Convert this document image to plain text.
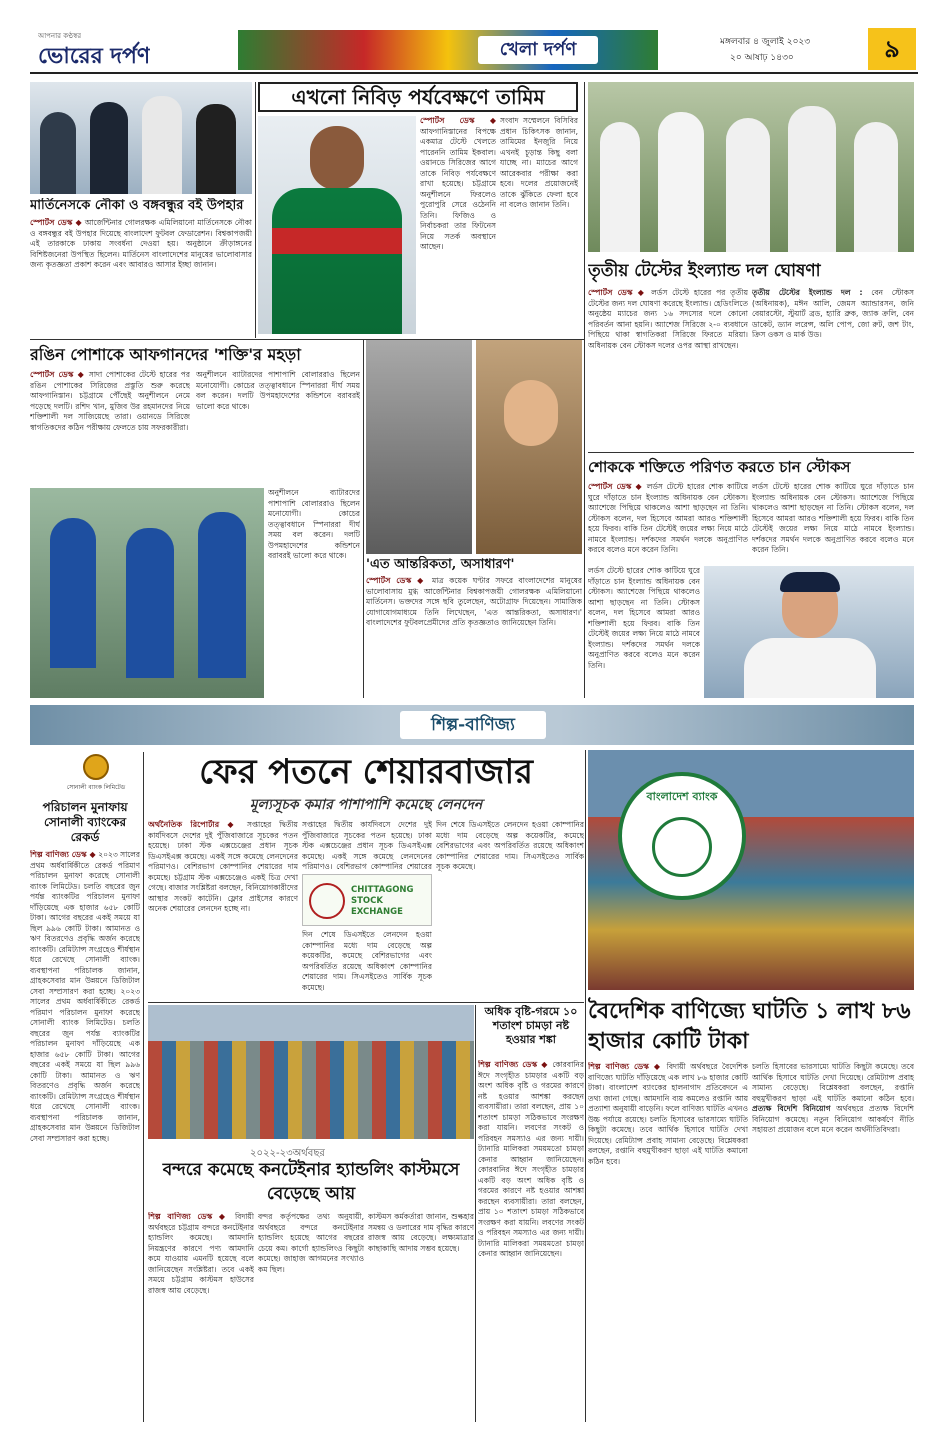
আপনার কণ্ঠস্বর
ভোরের দর্পণ	খেলা দর্পণ	মঙ্গলবার ৪ জুলাই ২০২৩
২০ আষাঢ় ১৪৩০	৯
মার্তিনেসকে নৌকা ও বঙ্গবন্ধুর বই উপহার
স্পোর্টস ডেস্ক ◆ আর্জেন্টিনার গোলরক্ষক এমিলিয়ানো মার্তিনেসকে নৌকা ও বঙ্গবন্ধুর বই উপহার দিয়েছে বাংলাদেশ ফুটবল ফেডারেশন। বিশ্বকাপজয়ী এই তারকাকে ঢাকায় সংবর্ধনা দেওয়া হয়। অনুষ্ঠানে ক্রীড়াঙ্গনের বিশিষ্টজনেরা উপস্থিত ছিলেন। মার্তিনেস বাংলাদেশের মানুষের ভালোবাসার জন্য কৃতজ্ঞতা প্রকাশ করেন এবং আবারও আসার ইচ্ছা জানান।
এখনো নিবিড় পর্যবেক্ষণে তামিম
স্পোর্টস ডেস্ক ◆ আফগানিস্তানের বিপক্ষে একমাত্র টেস্টে খেলতে পারেননি তামিম ইকবাল। ওয়ানডে সিরিজের আগে তাকে নিবিড় পর্যবেক্ষণে রাখা হয়েছে। চট্টগ্রামে অনুশীলনে ফিরলেও পুরোপুরি সেরে ওঠেননি তিনি। ফিজিও ও নির্বাচকরা তার ফিটনেস নিয়ে সতর্ক অবস্থানে আছেন।
সংবাদ সম্মেলনে বিসিবির প্রধান চিকিৎসক জানান, তামিমের ইনজুরি নিয়ে এখনই চূড়ান্ত কিছু বলা যাচ্ছে না। ম্যাচের আগে আরেকবার পরীক্ষা করা হবে। দলের প্রয়োজনেই তাকে ঝুঁকিতে ফেলা হবে না বলেও জানান তিনি।
তৃতীয় টেস্টের ইংল্যান্ড দল ঘোষণা
স্পোর্টস ডেস্ক ◆ লর্ডস টেস্টে হারের পর তৃতীয় টেস্টের জন্য দল ঘোষণা করেছে ইংল্যান্ড। হেডিংলিতে অনুষ্ঠেয় ম্যাচের জন্য ১৬ সদস্যের দলে কোনো পরিবর্তন আনা হয়নি। অ্যাশেজ সিরিজে ২-০ ব্যবধানে পিছিয়ে থাকা স্বাগতিকরা সিরিজে ফিরতে মরিয়া। অধিনায়ক বেন স্টোকস দলের ওপর আস্থা রাখছেন।
তৃতীয় টেস্টের ইংল্যান্ড দল : বেন স্টোকস (অধিনায়ক), মঈন আলি, জেমস অ্যান্ডারসন, জনি বেয়ারস্টো, স্টুয়ার্ট ব্রড, হ্যারি ব্রুক, জ্যাক ক্রলি, বেন ডাকেট, ড্যান লরেন্স, অলি পোপ, জো রুট, জশ টাং, ক্রিস ওকস ও মার্ক উড।
রঙিন পোশাকে আফগানদের 'শক্তি'র মহড়া
স্পোর্টস ডেস্ক ◆ সাদা পোশাকের টেস্টে হারের পর রঙিন পোশাকের সিরিজের প্রস্তুতি শুরু করেছে আফগানিস্তান। চট্টগ্রামে পৌঁছেই অনুশীলনে নেমে পড়েছে দলটি। রশিদ খান, মুজিব উর রহমানদের নিয়ে শক্তিশালী দল সাজিয়েছে তারা। ওয়ানডে সিরিজে স্বাগতিকদের কঠিন পরীক্ষায় ফেলতে চায় সফরকারীরা।
অনুশীলনে ব্যাটারদের পাশাপাশি বোলাররাও ছিলেন মনোযোগী। কোচের তত্ত্বাবধানে স্পিনাররা দীর্ঘ সময় বল করেন। দলটি উপমহাদেশের কন্ডিশনে বরাবরই ভালো করে থাকে।
অনুশীলনে ব্যাটারদের পাশাপাশি বোলাররাও ছিলেন মনোযোগী। কোচের তত্ত্বাবধানে স্পিনাররা দীর্ঘ সময় বল করেন। দলটি উপমহাদেশের কন্ডিশনে বরাবরই ভালো করে থাকে।
'এত আন্তরিকতা, অসাধারণ'
স্পোর্টস ডেস্ক ◆ মাত্র কয়েক ঘণ্টার সফরে বাংলাদেশের মানুষের ভালোবাসায় মুগ্ধ আর্জেন্টিনার বিশ্বকাপজয়ী গোলরক্ষক এমিলিয়ানো মার্তিনেস। ভক্তদের সঙ্গে ছবি তুলেছেন, অটোগ্রাফ দিয়েছেন। সামাজিক যোগাযোগমাধ্যমে তিনি লিখেছেন, 'এত আন্তরিকতা, অসাধারণ।' বাংলাদেশের ফুটবলপ্রেমীদের প্রতি কৃতজ্ঞতাও জানিয়েছেন তিনি।
শোককে শক্তিতে পরিণত করতে চান স্টোকস
স্পোর্টস ডেস্ক ◆ লর্ডস টেস্টে হারের শোক কাটিয়ে ঘুরে দাঁড়াতে চান ইংল্যান্ড অধিনায়ক বেন স্টোকস। অ্যাশেজে পিছিয়ে থাকলেও আশা ছাড়ছেন না তিনি। স্টোকস বলেন, দল হিসেবে আমরা আরও শক্তিশালী হয়ে ফিরব। বাকি তিন টেস্টেই জয়ের লক্ষ্য নিয়ে মাঠে নামবে ইংল্যান্ড। দর্শকদের সমর্থন দলকে অনুপ্রাণিত করবে বলেও মনে করেন তিনি।
লর্ডস টেস্টে হারের শোক কাটিয়ে ঘুরে দাঁড়াতে চান ইংল্যান্ড অধিনায়ক বেন স্টোকস। অ্যাশেজে পিছিয়ে থাকলেও আশা ছাড়ছেন না তিনি। স্টোকস বলেন, দল হিসেবে আমরা আরও শক্তিশালী হয়ে ফিরব। বাকি তিন টেস্টেই জয়ের লক্ষ্য নিয়ে মাঠে নামবে ইংল্যান্ড। দর্শকদের সমর্থন দলকে অনুপ্রাণিত করবে বলেও মনে করেন তিনি।
লর্ডস টেস্টে হারের শোক কাটিয়ে ঘুরে দাঁড়াতে চান ইংল্যান্ড অধিনায়ক বেন স্টোকস। অ্যাশেজে পিছিয়ে থাকলেও আশা ছাড়ছেন না তিনি। স্টোকস বলেন, দল হিসেবে আমরা আরও শক্তিশালী হয়ে ফিরব। বাকি তিন টেস্টেই জয়ের লক্ষ্য নিয়ে মাঠে নামবে ইংল্যান্ড। দর্শকদের সমর্থন দলকে অনুপ্রাণিত করবে বলেও মনে করেন তিনি।
শিল্প-বাণিজ্য
সোনালী ব্যাংক লিমিটেড
পরিচালন মুনাফায় সোনালী ব্যাংকের রেকর্ড
শিল্প বাণিজ্য ডেস্ক ◆ ২০২৩ সালের প্রথম অর্ধবার্ষিকীতে রেকর্ড পরিমাণ পরিচালন মুনাফা করেছে সোনালী ব্যাংক লিমিটেড। চলতি বছরের জুন পর্যন্ত ব্যাংকটির পরিচালন মুনাফা দাঁড়িয়েছে এক হাজার ৬৫৮ কোটি টাকা। আগের বছরের একই সময়ে যা ছিল ৯৯৬ কোটি টাকা। আমানত ও ঋণ বিতরণেও প্রবৃদ্ধি অর্জন করেছে ব্যাংকটি। রেমিট্যান্স সংগ্রহেও শীর্ষস্থান ধরে রেখেছে সোনালী ব্যাংক। ব্যবস্থাপনা পরিচালক জানান, গ্রাহকসেবার মান উন্নয়নে ডিজিটাল সেবা সম্প্রসারণ করা হচ্ছে। ২০২৩ সালের প্রথম অর্ধবার্ষিকীতে রেকর্ড পরিমাণ পরিচালন মুনাফা করেছে সোনালী ব্যাংক লিমিটেড। চলতি বছরের জুন পর্যন্ত ব্যাংকটির পরিচালন মুনাফা দাঁড়িয়েছে এক হাজার ৬৫৮ কোটি টাকা। আগের বছরের একই সময়ে যা ছিল ৯৯৬ কোটি টাকা। আমানত ও ঋণ বিতরণেও প্রবৃদ্ধি অর্জন করেছে ব্যাংকটি। রেমিট্যান্স সংগ্রহেও শীর্ষস্থান ধরে রেখেছে সোনালী ব্যাংক। ব্যবস্থাপনা পরিচালক জানান, গ্রাহকসেবার মান উন্নয়নে ডিজিটাল সেবা সম্প্রসারণ করা হচ্ছে।
ফের পতনে শেয়ারবাজার
মূল্যসূচক কমার পাশাপাশি কমেছে লেনদেন
অর্থনৈতিক রিপোর্টার ◆ সপ্তাহের দ্বিতীয় কার্যদিবসে দেশের দুই পুঁজিবাজারে সূচকের পতন হয়েছে। ঢাকা স্টক এক্সচেঞ্জের প্রধান সূচক ডিএসইএক্স কমেছে। একই সঙ্গে কমেছে লেনদেনের পরিমাণও। বেশিরভাগ কোম্পানির শেয়ারের দাম কমেছে। চট্টগ্রাম স্টক এক্সচেঞ্জেও একই চিত্র দেখা গেছে। বাজার সংশ্লিষ্টরা বলছেন, বিনিয়োগকারীদের আস্থার সংকট কাটেনি। ফ্লোর প্রাইসের কারণে অনেক শেয়ারের লেনদেন হচ্ছে না।
সপ্তাহের দ্বিতীয় কার্যদিবসে দেশের দুই পুঁজিবাজারে সূচকের পতন হয়েছে। ঢাকা স্টক এক্সচেঞ্জের প্রধান সূচক ডিএসইএক্স কমেছে। একই সঙ্গে কমেছে লেনদেনের পরিমাণও। বেশিরভাগ কোম্পানির শেয়ারের
দিন শেষে ডিএসইতে লেনদেন হওয়া কোম্পানির মধ্যে দাম বেড়েছে অল্প কয়েকটির, কমেছে বেশিরভাগের এবং অপরিবর্তিত রয়েছে অধিকাংশ কোম্পানির শেয়ারের দাম। সিএসইতেও সার্বিক সূচক কমেছে।
CHITTAGONG STOCK EXCHANGE
দিন শেষে ডিএসইতে লেনদেন হওয়া কোম্পানির মধ্যে দাম বেড়েছে অল্প কয়েকটির, কমেছে বেশিরভাগের এবং অপরিবর্তিত রয়েছে অধিকাংশ কোম্পানির শেয়ারের দাম। সিএসইতেও সার্বিক সূচক কমেছে।
বাংলাদেশ ব্যাংক
বৈদেশিক বাণিজ্যে ঘাটতি ১ লাখ ৮৬ হাজার কোটি টাকা
শিল্প বাণিজ্য ডেস্ক ◆ বিদায়ী অর্থবছরে বৈদেশিক বাণিজ্যে ঘাটতি দাঁড়িয়েছে এক লাখ ৮৬ হাজার কোটি টাকা। বাংলাদেশ ব্যাংকের হালনাগাদ প্রতিবেদনে এ তথ্য জানা গেছে। আমদানি ব্যয় কমলেও রপ্তানি আয় প্রত্যাশা অনুযায়ী বাড়েনি। ফলে বাণিজ্য ঘাটতি এখনও উচ্চ পর্যায়ে রয়েছে। চলতি হিসাবের ভারসাম্যে ঘাটতি কিছুটা কমেছে। তবে আর্থিক হিসাবে ঘাটতি দেখা দিয়েছে। রেমিট্যান্স প্রবাহ সামান্য বেড়েছে। বিশ্লেষকরা বলছেন, রপ্তানি বহুমুখীকরণ ছাড়া এই ঘাটতি কমানো কঠিন হবে।
চলতি হিসাবের ভারসাম্যে ঘাটতি কিছুটা কমেছে। তবে আর্থিক হিসাবে ঘাটতি দেখা দিয়েছে। রেমিট্যান্স প্রবাহ সামান্য বেড়েছে। বিশ্লেষকরা বলছেন, রপ্তানি বহুমুখীকরণ ছাড়া এই ঘাটতি কমানো কঠিন হবে। প্রত্যক্ষ বিদেশি বিনিয়োগ অর্থবছরে প্রত্যক্ষ বিদেশি বিনিয়োগ কমেছে। নতুন বিনিয়োগ আকর্ষণে নীতি সহায়তা প্রয়োজন বলে মনে করেন অর্থনীতিবিদরা।
অধিক বৃষ্টি-গরমে ১০ শতাংশ চামড়া নষ্ট হওয়ার শঙ্কা
শিল্প বাণিজ্য ডেস্ক ◆ কোরবানির ঈদে সংগৃহীত চামড়ার একটি বড় অংশ অধিক বৃষ্টি ও গরমের কারণে নষ্ট হওয়ার আশঙ্কা করছেন ব্যবসায়ীরা। তারা বলছেন, প্রায় ১০ শতাংশ চামড়া সঠিকভাবে সংরক্ষণ করা যায়নি। লবণের সংকট ও পরিবহন সমস্যাও এর জন্য দায়ী। ট্যানারি মালিকরা সময়মতো চামড়া কেনার আহ্বান জানিয়েছেন। কোরবানির ঈদে সংগৃহীত চামড়ার একটি বড় অংশ অধিক বৃষ্টি ও গরমের কারণে নষ্ট হওয়ার আশঙ্কা করছেন ব্যবসায়ীরা। তারা বলছেন, প্রায় ১০ শতাংশ চামড়া সঠিকভাবে সংরক্ষণ করা যায়নি। লবণের সংকট ও পরিবহন সমস্যাও এর জন্য দায়ী। ট্যানারি মালিকরা সময়মতো চামড়া কেনার আহ্বান জানিয়েছেন।
২০২২-২৩অর্থবছর
বন্দরে কমেছে কনটেইনার হ্যান্ডলিং কাস্টমসে বেড়েছে আয়
শিল্প বাণিজ্য ডেস্ক ◆ বিদায়ী অর্থবছরে চট্টগ্রাম বন্দরে কনটেইনার হ্যান্ডলিং কমেছে। আমদানি নিয়ন্ত্রণের কারণে পণ্য আমদানি কমে যাওয়ায় এমনটি হয়েছে বলে জানিয়েছেন সংশ্লিষ্টরা। তবে একই সময়ে চট্টগ্রাম কাস্টমস হাউসের রাজস্ব আয় বেড়েছে।
বন্দর কর্তৃপক্ষের তথ্য অনুযায়ী, অর্থবছরে বন্দরে কনটেইনার হ্যান্ডলিং হয়েছে আগের বছরের চেয়ে কম। কার্গো হ্যান্ডলিংও কিছুটা কমেছে। জাহাজ আগমনের সংখ্যাও কম ছিল।
কাস্টমস কর্মকর্তারা জানান, শুল্কহার সমন্বয় ও ডলারের দাম বৃদ্ধির কারণে রাজস্ব আয় বেড়েছে। লক্ষ্যমাত্রার কাছাকাছি আদায় সম্ভব হয়েছে।
